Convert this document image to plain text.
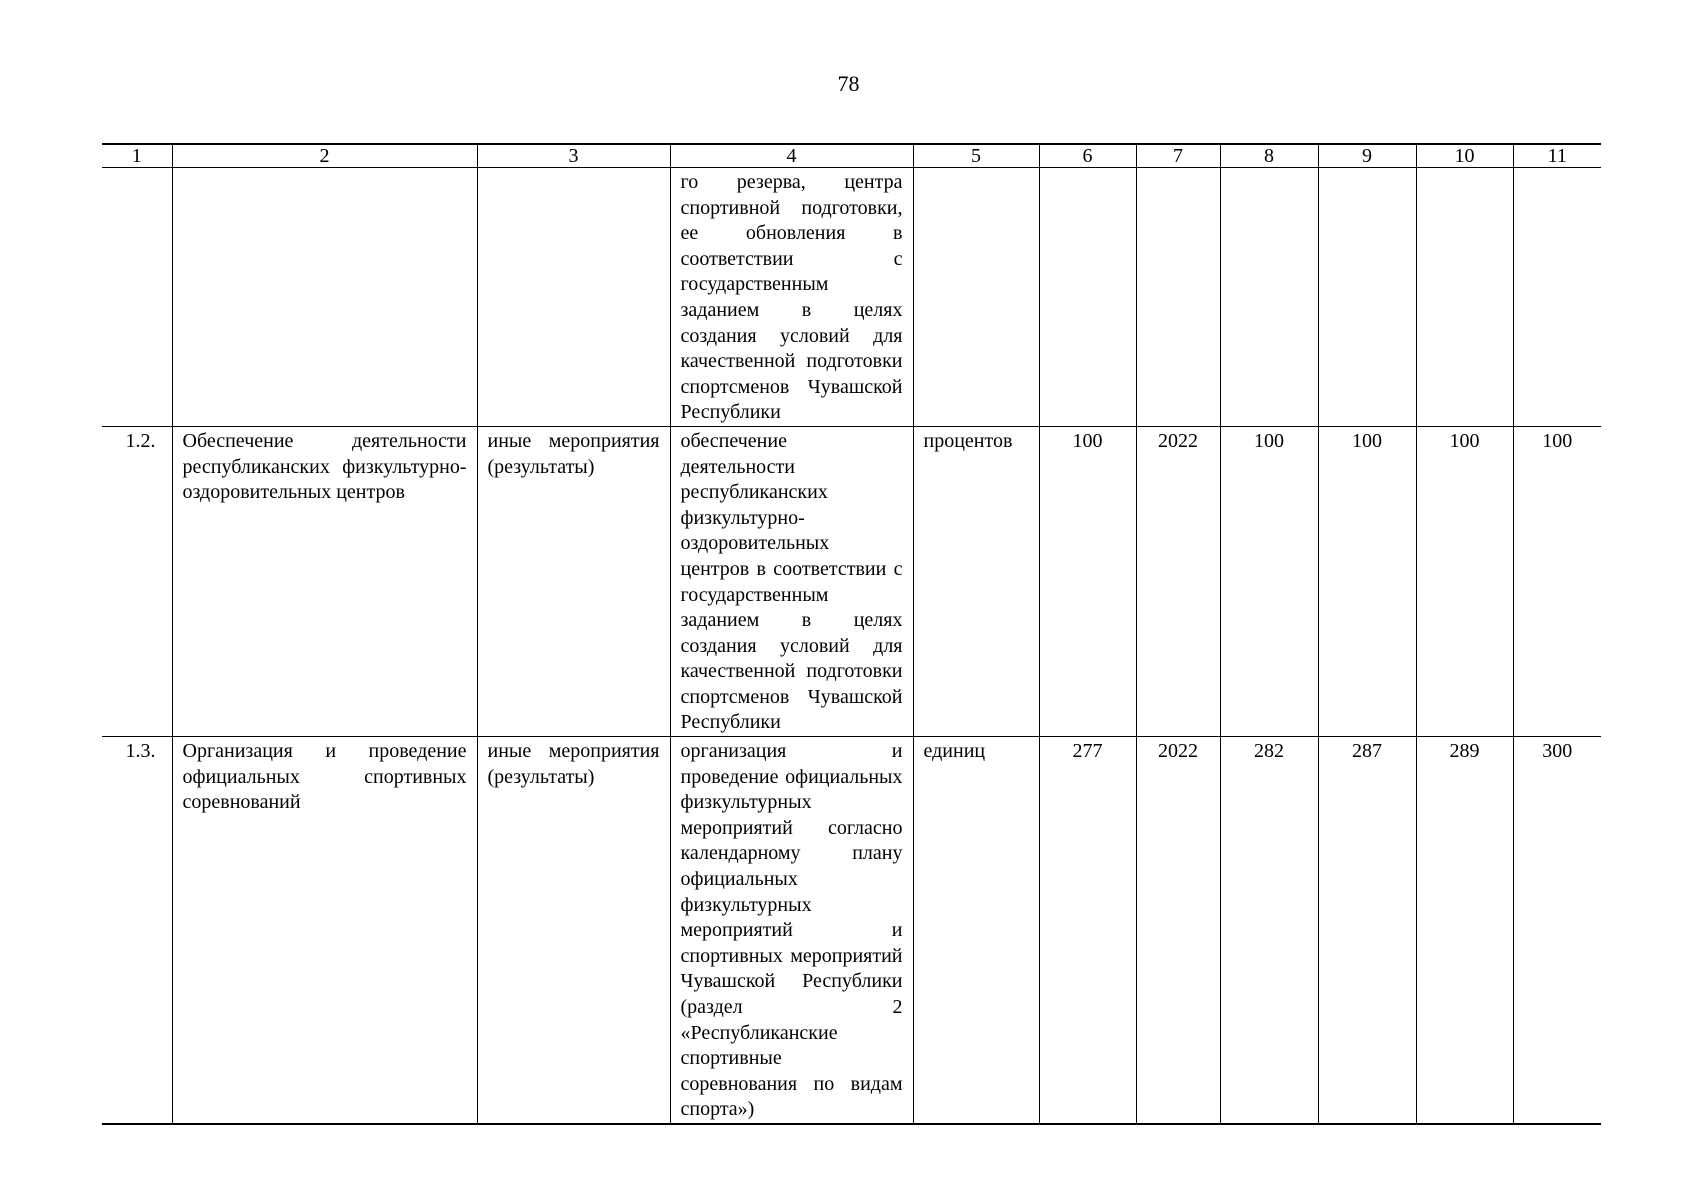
78
1	2	3	4	5	6	7	8	9	10	11
			го резерва, центра спортивной подготовки, ее обновления в соответствии с государственным заданием в целях создания условий для качественной подготовки спортсменов Чувашской Республики							
1.2.	Обеспечение деятельности республиканских физкультурно-оздоровительных центров	иные мероприятия (результаты)	обеспечение деятельности республиканских физкультурно-оздоровительных центров в соответствии с государственным заданием в целях создания условий для качественной подготовки спортсменов Чувашской Республики	процентов	100	2022	100	100	100	100
1.3.	Организация и проведение официальных спортивных соревнований	иные мероприятия (результаты)	организация и проведение официальных физкультурных мероприятий согласно календарному плану официальных физкультурных мероприятий и спортивных мероприятий Чувашской Республики (раздел 2 «Республиканские спортивные соревнования по видам спорта»)	единиц	277	2022	282	287	289	300
